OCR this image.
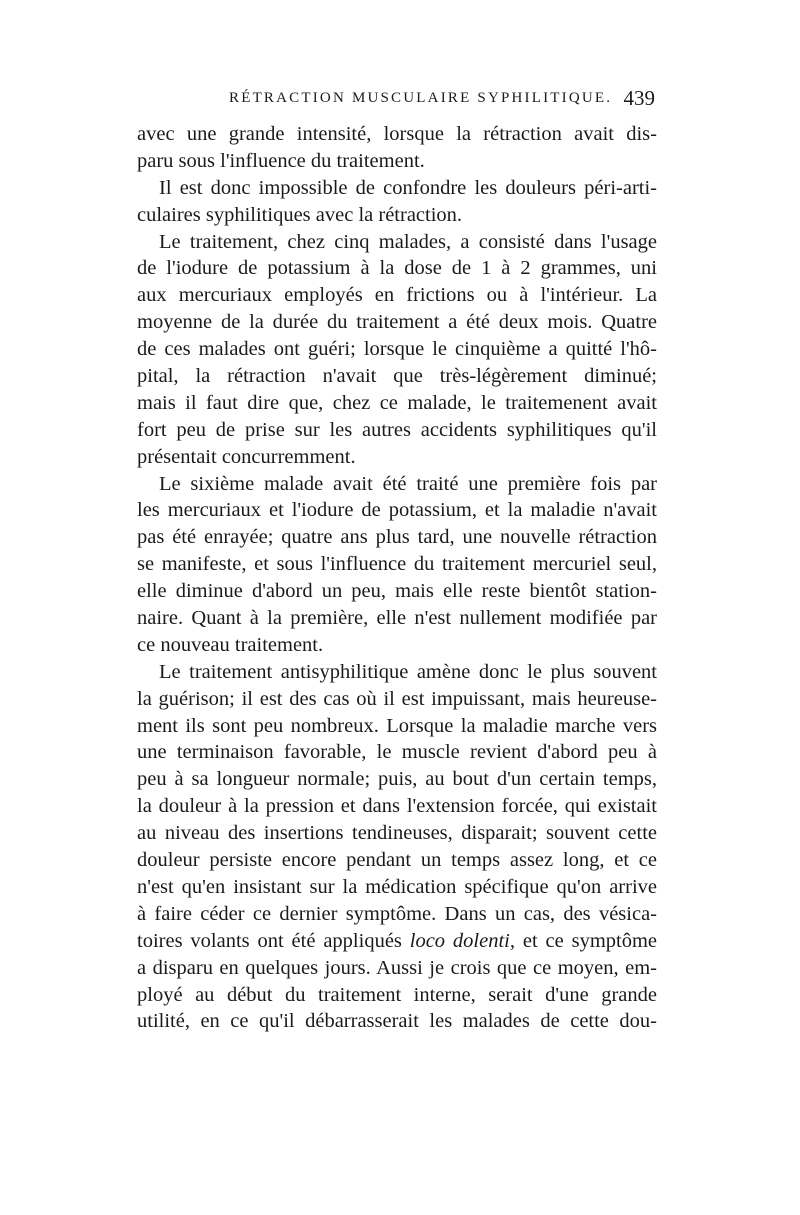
RÉTRACTION MUSCULAIRE SYPHILITIQUE. 439
avec une grande intensité, lorsque la rétraction avait dis-
paru sous l'influence du traitement.
Il est donc impossible de confondre les douleurs péri-arti-
culaires syphilitiques avec la rétraction.
Le traitement, chez cinq malades, a consisté dans l'usage
de l'iodure de potassium à la dose de 1 à 2 grammes, uni
aux mercuriaux employés en frictions ou à l'intérieur. La
moyenne de la durée du traitement a été deux mois. Quatre
de ces malades ont guéri; lorsque le cinquième a quitté l'hô-
pital, la rétraction n'avait que très-légèrement diminué;
mais il faut dire que, chez ce malade, le traitemenent avait
fort peu de prise sur les autres accidents syphilitiques qu'il
présentait concurremment.
Le sixième malade avait été traité une première fois par
les mercuriaux et l'iodure de potassium, et la maladie n'avait
pas été enrayée; quatre ans plus tard, une nouvelle rétraction
se manifeste, et sous l'influence du traitement mercuriel seul,
elle diminue d'abord un peu, mais elle reste bientôt station-
naire. Quant à la première, elle n'est nullement modifiée par
ce nouveau traitement.
Le traitement antisyphilitique amène donc le plus souvent
la guérison; il est des cas où il est impuissant, mais heureuse-
ment ils sont peu nombreux. Lorsque la maladie marche vers
une terminaison favorable, le muscle revient d'abord peu à
peu à sa longueur normale; puis, au bout d'un certain temps,
la douleur à la pression et dans l'extension forcée, qui existait
au niveau des insertions tendineuses, disparait; souvent cette
douleur persiste encore pendant un temps assez long, et ce
n'est qu'en insistant sur la médication spécifique qu'on arrive
à faire céder ce dernier symptôme. Dans un cas, des vésica-
toires volants ont été appliqués loco dolenti, et ce symptôme
a disparu en quelques jours. Aussi je crois que ce moyen, em-
ployé au début du traitement interne, serait d'une grande
utilité, en ce qu'il débarrasserait les malades de cette dou-
